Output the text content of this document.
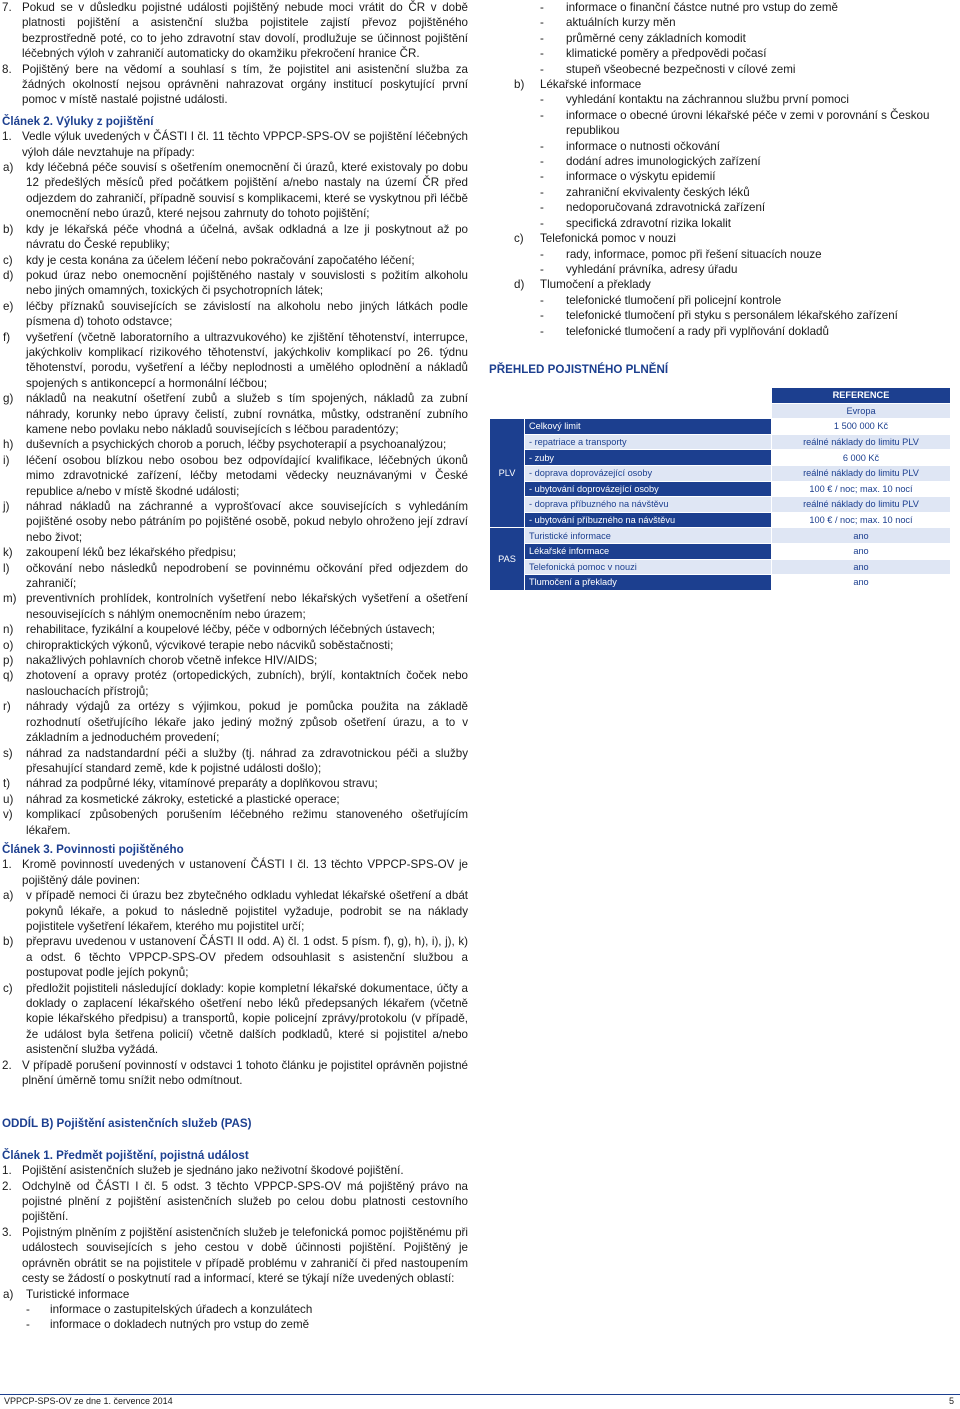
7. Pokud se v důsledku pojistné události pojištěný nebude moci vrátit do ČR v době platnosti pojištění a asistenční služba pojistitele zajistí převoz pojištěného bezprostředně poté, co to jeho zdravotní stav dovolí, prodlužuje se účinnost pojištění léčebných výloh v zahraničí automaticky do okamžiku překročení hranice ČR.
8. Pojištěný bere na vědomí a souhlasí s tím, že pojistitel ani asistenční služba za žádných okolností nejsou oprávněni nahrazovat orgány institucí poskytující první pomoc v místě nastalé pojistné události.

Článek 2. Výluky z pojištění

1. Vedle výluk uvedených v ČÁSTI I čl. 11 těchto VPPCP-SPS-OV se pojištění léčebných výloh dále nevztahuje na případy:
a)	kdy léčebná péče souvisí s ošetřením onemocnění či úrazů, které existovaly po dobu 12 předešlých měsíců před počátkem pojištění a/nebo nastaly na území ČR před odjezdem do zahraničí, případně souvisí s komplikacemi, které se vyskytnou při léčbě onemocnění nebo úrazů, které nejsou zahrnuty do tohoto pojištění;
b)	kdy je lékařská péče vhodná a účelná, avšak odkladná a lze ji poskytnout až po návratu do České republiky;
c)	kdy je cesta konána za účelem léčení nebo pokračování započatého léčení;
d)	pokud úraz nebo onemocnění pojištěného nastaly v souvislosti s požitím alkoholu nebo jiných omamných, toxických či psychotropních látek;
e)	léčby příznaků souvisejících se závislostí na alkoholu nebo jiných látkách podle písmena d) tohoto odstavce;
f)	vyšetření (včetně laboratorního a ultrazvukového) ke zjištění těhotenství, interrupce, jakýchkoliv komplikací rizikového těhotenství, jakýchkoliv komplikací po 26. týdnu těhotenství, porodu, vyšetření a léčby neplodnosti a umělého oplodnění a nákladů spojených s antikoncepcí a hormonální léčbou;
g)	nákladů na neakutní ošetření zubů a služeb s tím spojených, nákladů za zubní náhrady, korunky nebo úpravy čelistí, zubní rovnátka, můstky, odstranění zubního kamene nebo povlaku nebo nákladů souvisejících s léčbou paradentózy;
h)	duševních a psychických chorob a poruch, léčby psychoterapií a psychoanalýzou;
i)	léčení osobou blízkou nebo osobou bez odpovídající kvalifikace, léčebných úkonů mimo zdravotnické zařízení, léčby metodami vědecky neuznávanými v České republice a/nebo v místě škodné události;
j)	náhrad nákladů na záchranné a vyprošťovací akce souvisejících s vyhledáním pojištěné osoby nebo pátráním po pojištěné osobě, pokud nebylo ohroženo její zdraví nebo život;
k)	zakoupení léků bez lékařského předpisu;
l)	očkování nebo následků nepodrobení se povinnému očkování před odjezdem do zahraničí;
m) preventivních prohlídek, kontrolních vyšetření nebo lékařských vyšetření a ošetření nesouvisejících s náhlým onemocněním nebo úrazem;
n)	rehabilitace, fyzikální a koupelové léčby, péče v odborných léčebných ústavech;
o)	chiropraktických výkonů, výcvikové terapie nebo nácviků soběstačnosti;
p)	nakažlivých pohlavních chorob včetně infekce HIV/AIDS;
q)	zhotovení a opravy protéz (ortopedických, zubních), brýlí, kontaktních čoček nebo naslouchacích přístrojů;
r)	náhrady výdajů za ortézy s výjimkou, pokud je pomůcka použita na základě rozhodnutí ošetřujícího lékaře jako jediný možný způsob ošetření úrazu, a to v základním a jednoduchém provedení;
s)	náhrad za nadstandardní péči a služby (tj. náhrad za zdravotnickou péči a služby přesahující standard země, kde k pojistné události došlo);
t)	náhrad za podpůrné léky, vitamínové preparáty a doplňkovou stravu;
u)	náhrad za kosmetické zákroky, estetické a plastické operace;
v)	komplikací způsobených porušením léčebného režimu stanoveného ošetřujícím lékařem.

Článek 3. Povinnosti pojištěného

1. Kromě povinností uvedených v ustanovení ČÁSTI I čl. 13 těchto VPPCP-SPS-OV je pojištěný dále povinen:
a)	v případě nemoci či úrazu bez zbytečného odkladu vyhledat lékařské ošetření a dbát pokynů lékaře, a pokud to následně pojistitel vyžaduje, podrobit se na náklady pojistitele vyšetření lékařem, kterého mu pojistitel určí;
b)	přepravu uvedenou v ustanovení ČÁSTI II odd. A) čl. 1 odst. 5 písm. f), g), h), i), j), k) a odst. 6 těchto VPPCP-SPS-OV předem odsouhlasit s asistenční službou a postupovat podle jejích pokynů;
c)	předložit pojistiteli následující doklady: kopie kompletní lékařské dokumentace, účty a doklady o zaplacení lékařského ošetření nebo léků předepsaných lékařem (včetně kopie lékařského předpisu) a transportů, kopie policejní zprávy/protokolu (v případě, že událost byla šetřena policií) včetně dalších podkladů, které si pojistitel a/nebo asistenční služba vyžádá.
2. V případě porušení povinností v odstavci 1 tohoto článku je pojistitel oprávněn pojistné plnění úměrně tomu snížit nebo odmítnout.

ODDÍL B) Pojištění asistenčních služeb (PAS)

Článek 1. Předmět pojištění, pojistná událost

1. Pojištění asistenčních služeb je sjednáno jako neživotní škodové pojištění.
2. Odchylně od ČÁSTI I čl. 5 odst. 3 těchto VPPCP-SPS-OV má pojištěný právo na pojistné plnění z pojištění asistenčních služeb po celou dobu platnosti cestovního pojištění.
3. Pojistným plněním z pojištění asistenčních služeb je telefonická pomoc pojištěnému při událostech souvisejících s jeho cestou v době účinnosti pojištění. Pojištěný je oprávněn obrátit se na pojistitele v případě problému v zahraničí či před nastoupením cesty se žádostí o poskytnutí rad a informací, které se týkají níže uvedených oblastí:
a)	Turistické informace
-	informace o zastupitelských úřadech a konzulátech
-	informace o dokladech nutných pro vstup do země
-	informace o finanční částce nutné pro vstup do země
-	aktuálních kurzy měn
-	průměrné ceny základních komodit
-	klimatické poměry a předpovědi počasí
-	stupeň všeobecné bezpečnosti v cílové zemi
b)	Lékařské informace
-	vyhledání kontaktu na záchrannou službu první pomoci
-	informace o obecné úrovni lékařské péče v zemi v porovnání s Českou republikou
-	informace o nutnosti očkování
-	dodání adres imunologických zařízení
-	informace o výskytu epidemií
-	zahraniční ekvivalenty českých léků
-	nedoporučovaná zdravotnická zařízení
-	specifická zdravotní rizika lokalit
c)	Telefonická pomoc v nouzi
-	rady, informace, pomoc při řešení situacích nouze
-	vyhledání právníka, adresy úřadu
d)	Tlumočení a překlady
-	telefonické tlumočení při policejní kontrole
-	telefonické tlumočení při styku s personálem lékařského zařízení
-	telefonické tlumočení a rady při vyplňování dokladů

PŘEHLED POJISTNÉHO PLNĚNÍ

		REFERENCE
		Evropa
PLV	Celkový limit	1 500 000 Kč
	- repatriace a transporty	reálné náklady do limitu PLV
	- zuby	6 000 Kč
	- doprava doprovázející osoby	reálné náklady do limitu PLV
	- ubytování doprovázející osoby	100 € / noc; max. 10 nocí
	- doprava příbuzného na návštěvu	reálné náklady do limitu PLV
	- ubytování příbuzného na návštěvu	100 € / noc; max. 10 nocí
PAS	Turistické informace	ano
	Lékařské informace	ano
	Telefonická pomoc v nouzi	ano
	Tlumočení a překlady	ano
VPPCP-SPS-OV ze dne 1. července 2014	5
